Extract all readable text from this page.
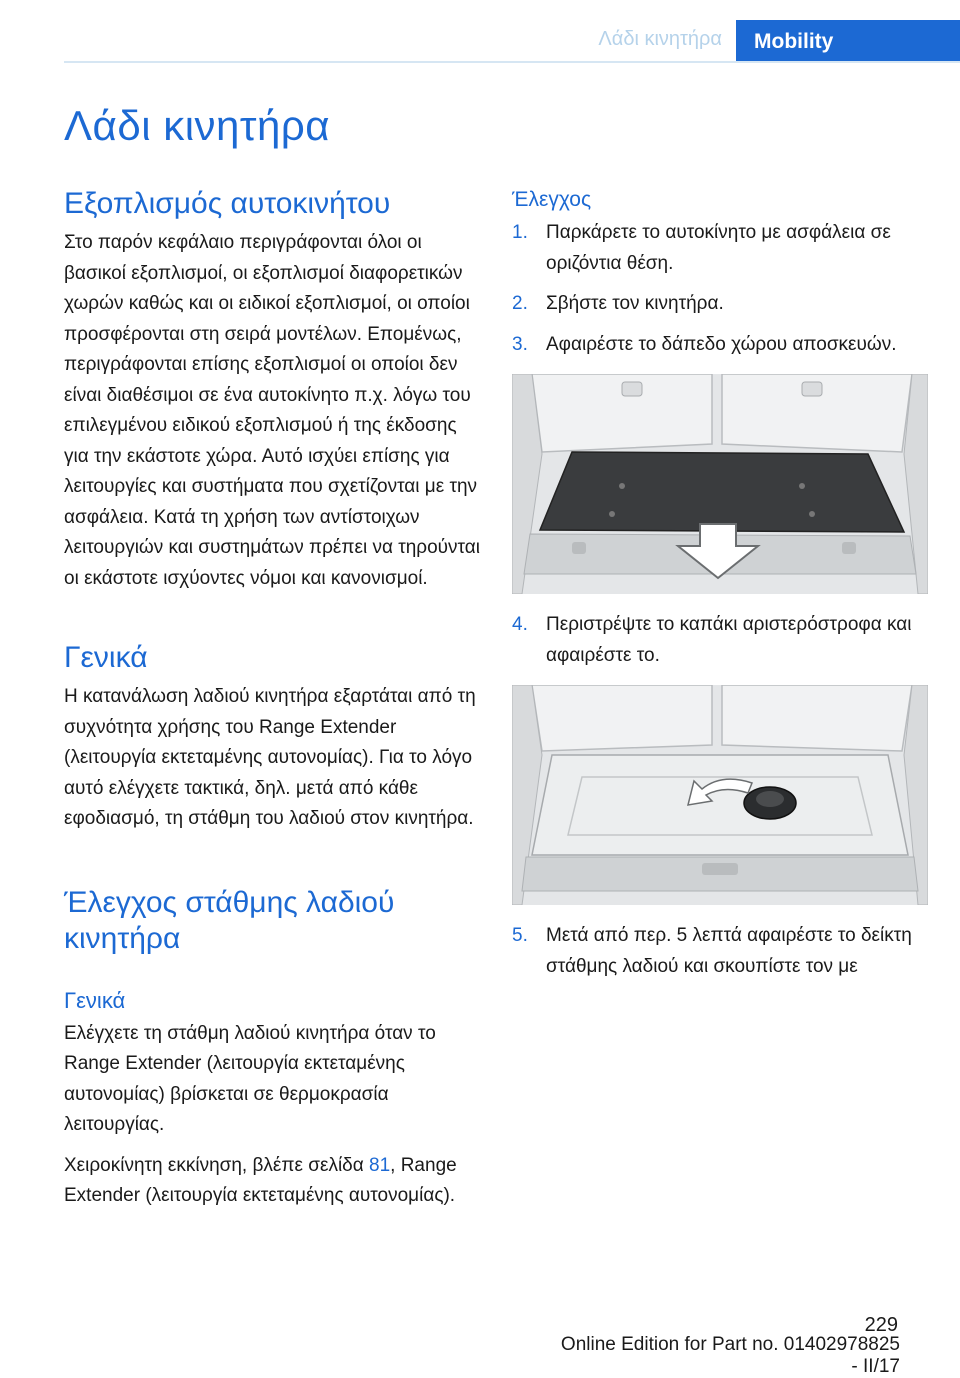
Λάδι κινητήρα	Mobility
Λάδι κινητήρα
Εξοπλισμός αυτοκινήτου

Στο παρόν κεφάλαιο περιγράφονται όλοι οι βασικοί εξοπλισμοί, οι εξοπλισμοί διαφορετικών χωρών καθώς και οι ειδικοί εξοπλισμοί, οι οποίοι προσφέρονται στη σειρά μοντέλων. Επομένως, περιγράφονται επίσης εξοπλισμοί οι οποίοι δεν είναι διαθέσιμοι σε ένα αυτοκίνητο π.χ. λόγω του επιλεγμένου ειδικού εξοπλισμού ή της έκδοσης για την εκάστοτε χώρα. Αυτό ισχύει επίσης για λειτουργίες και συστήματα που σχετίζονται με την ασφάλεια. Κατά τη χρήση των αντίστοιχων λειτουργιών και συστημάτων πρέπει να τηρούνται οι εκάστοτε ισχύοντες νόμοι και κανονισμοί.

Γενικά

Η κατανάλωση λαδιού κινητήρα εξαρτάται από τη συχνότητα χρήσης του Range Extender (λειτουργία εκτεταμένης αυτονομίας). Για το λόγο αυτό ελέγχετε τακτικά, δηλ. μετά από κάθε εφοδιασμό, τη στάθμη του λαδιού στον κινητήρα.

Έλεγχος στάθμης λαδιού κινητήρα
Γενικά

Ελέγχετε τη στάθμη λαδιού κινητήρα όταν το Range Extender (λειτουργία εκτεταμένης αυτονομίας) βρίσκεται σε θερμοκρασία λειτουργίας.

Χειροκίνητη εκκίνηση, βλέπε σελίδα 81, Range Extender (λειτουργία εκτεταμένης αυτονομίας).

Έλεγχος
1. Παρκάρετε το αυτοκίνητο με ασφάλεια σε οριζόντια θέση.
2. Σβήστε τον κινητήρα.
3. Αφαιρέστε το δάπεδο χώρου αποσκευών.
4. Περιστρέψτε το καπάκι αριστερόστροφα και αφαιρέστε το.
5. Μετά από περ. 5 λεπτά αφαιρέστε το δείκτη στάθμης λαδιού και σκουπίστε τον με
229
Online Edition for Part no. 01402978825 - II/17
